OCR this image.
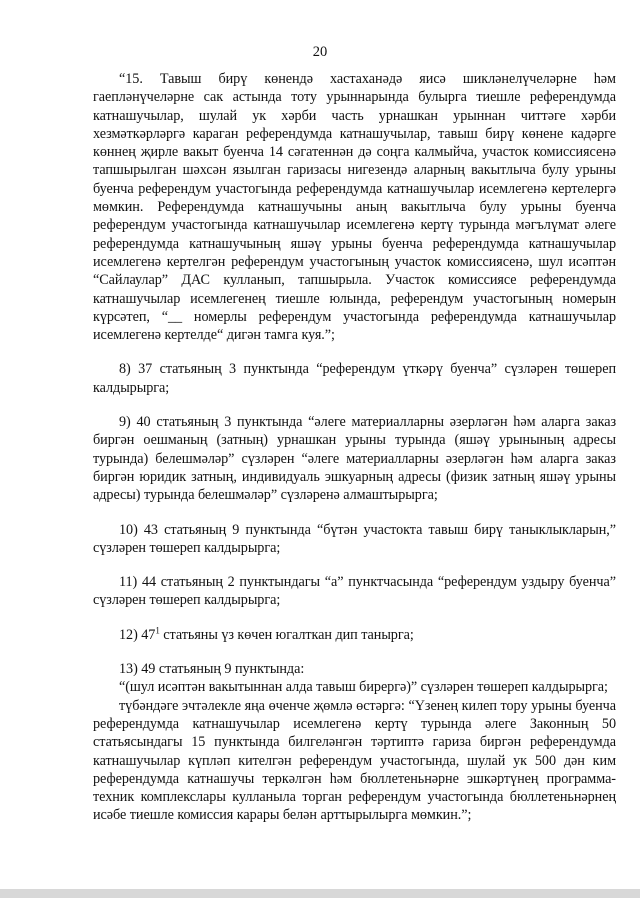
20

“15. Тавыш бирү көнендә хастаханәдә яисә шикләнелүчеләрне һәм гаепләнүчеләрне сак астында тоту урыннарында булырга тиешле референдумда катнашучылар, шулай ук хәрби часть урнашкан урыннан читтәге хәрби хезмәткәрләргә караган референдумда катнашучылар, тавыш бирү көнене кадәрге көннең җирле вакыт буенча 14 сәгатеннән дә соңга калмыйча, участок комиссиясенә тапшырылган шәхсән язылган гаризасы нигезендә аларның вакытлыча булу урыны буенча референдум участогында референдумда катнашучылар исемлегенә кертелергә мөмкин. Референдумда катнашучыны аның вакытлыча булу урыны буенча референдум участогында катнашучылар исемлегенә кертү турында мәгълүмат әлеге референдумда катнашучының яшәү урыны буенча референдумда катнашучылар исемлегенә кертелгән референдум участогының участок комиссиясенә, шул исәптән “Сайлаулар” ДАС кулланып, тапшырыла. Участок комиссиясе референдумда катнашучылар исемлегенең тиешле юлында, референдум участогының номерын күрсәтеп, “__ номерлы референдум участогында референдумда катнашучылар исемлегенә кертелде“ дигән тамга куя.”;

8) 37 статьяның 3 пунктында “референдум үткәрү буенча” сүзләрен төшереп калдырырга;

9) 40 статьяның 3 пунктында “әлеге материалларны әзерләгән һәм аларга заказ биргән оешманың (затның) урнашкан урыны турында (яшәү урынының адресы турында) белешмәләр” сүзләрен “әлеге материалларны әзерләгән һәм аларга заказ биргән юридик затның, индивидуаль эшкуарның адресы (физик затның яшәү урыны адресы) турында белешмәләр” сүзләренә алмаштырырга;

10) 43 статьяның 9 пунктында “бүтән участокта тавыш бирү таныклыкларын,” сүзләрен төшереп калдырырга;

11) 44 статьяның 2 пунктындагы “а” пунктчасында “референдум уздыру буенча” сүзләрен төшереп калдырырга;

12) $47^1$ статьяны үз көчен югалткан дип танырга;

13) 49 статьяның 9 пунктында:

“(шул исәптән вакытыннан алда тавыш бирергә)” сүзләрен төшереп калдырырга;

түбәндәге эчтәлекле яңа өченче җөмлә өстәргә: “Үзенең килеп тору урыны буенча референдумда катнашучылар исемлегенә кертү турында әлеге Законның 50 статьясындагы 15 пунктында билгеләнгән тәртиптә гариза биргән референдумда катнашучылар күпләп кителгән референдум участогында, шулай ук 500 дән ким референдумда катнашучы теркәлгән һәм бюллетеньнәрне эшкәртүнең программа-техник комплекслары кулланыла торган референдум участогында бюллетеньнәрнең исәбе тиешле комиссия карары белән арттырылырга мөмкин.”;
